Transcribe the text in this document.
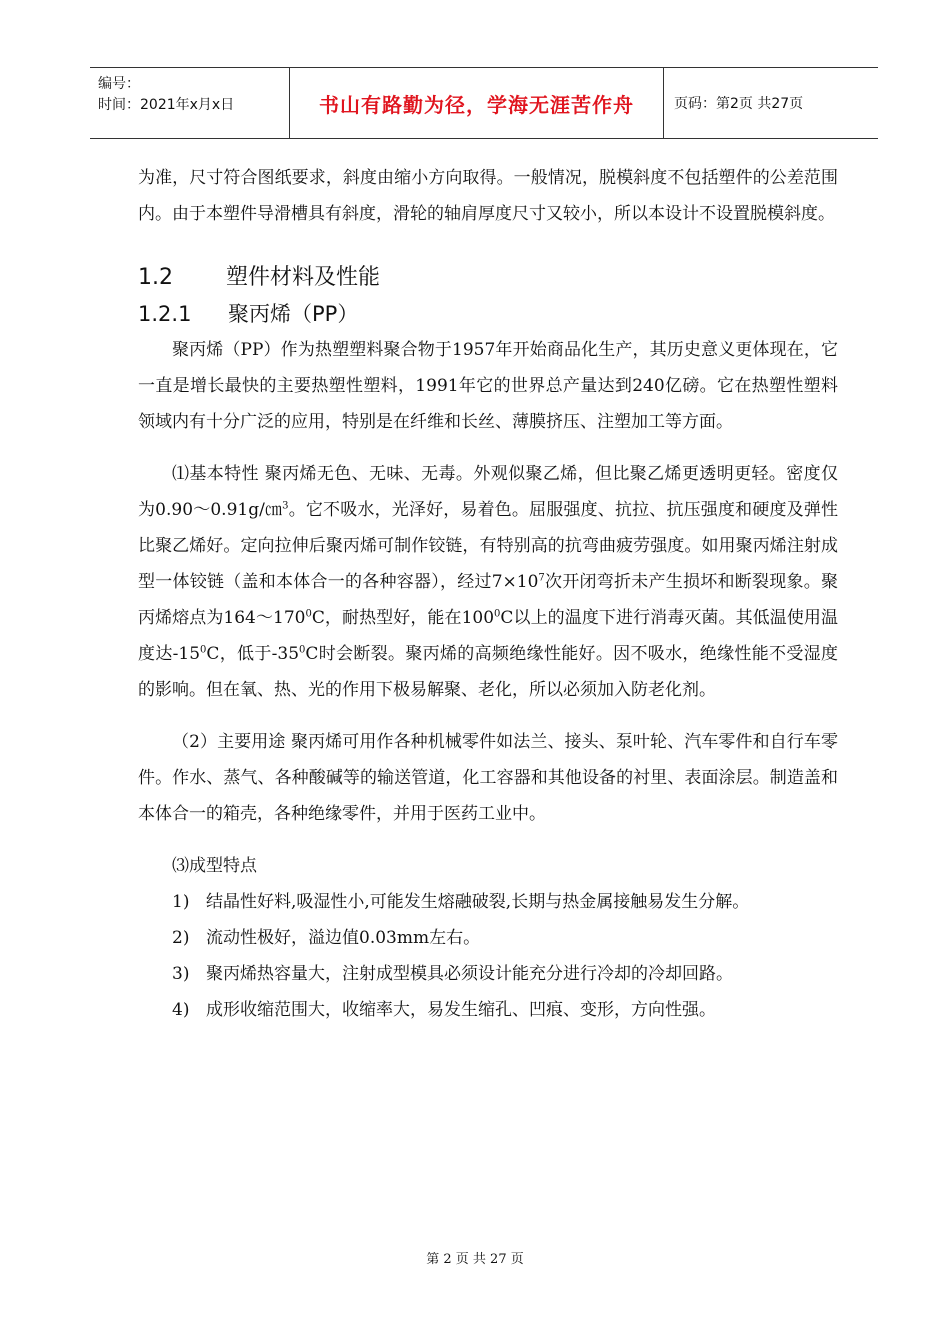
编号：
时间：2021年x月x日	书山有路勤为径，学海无涯苦作舟	页码：第2页 共27页

为准，尺寸符合图纸要求，斜度由缩小方向取得。一般情况，脱模斜度不包括塑件的公差范围内。由于本塑件导滑槽具有斜度，滑轮的轴肩厚度尺寸又较小，所以本设计不设置脱模斜度。

1.2	塑件材料及性能
1.2.1	聚丙烯（PP）

聚丙烯（PP）作为热塑塑料聚合物于1957年开始商品化生产，其历史意义更体现在，它一直是增长最快的主要热塑性塑料，1991年它的世界总产量达到240亿磅。它在热塑性塑料领域内有十分广泛的应用，特别是在纤维和长丝、薄膜挤压、注塑加工等方面。

⑴基本特性 聚丙烯无色、无味、无毒。外观似聚乙烯，但比聚乙烯更透明更轻。密度仅为0.90～0.91g/㎝$^3$。它不吸水，光泽好，易着色。屈服强度、抗拉、抗压强度和硬度及弹性比聚乙烯好。定向拉伸后聚丙烯可制作铰链，有特别高的抗弯曲疲劳强度。如用聚丙烯注射成型一体铰链（盖和本体合一的各种容器），经过$7\times 10^7$次开闭弯折未产生损坏和断裂现象。聚丙烯熔点为$164\sim 170^0C$，耐热型好，能在$100^0C$以上的温度下进行消毒灭菌。其低温使用温度达$-15^0C$，低于$-35^0C$时会断裂。聚丙烯的高频绝缘性能好。因不吸水，绝缘性能不受湿度的影响。但在氧、热、光的作用下极易解聚、老化，所以必须加入防老化剂。

（2）主要用途 聚丙烯可用作各种机械零件如法兰、接头、泵叶轮、汽车零件和自行车零件。作水、蒸气、各种酸碱等的输送管道，化工容器和其他设备的衬里、表面涂层。制造盖和本体合一的箱壳，各种绝缘零件，并用于医药工业中。

⑶成型特点

1) 结晶性好料,吸湿性小,可能发生熔融破裂,长期与热金属接触易发生分解。

2) 流动性极好，溢边值0.03mm左右。

3) 聚丙烯热容量大，注射成型模具必须设计能充分进行冷却的冷却回路。

4) 成形收缩范围大，收缩率大，易发生缩孔、凹痕、变形，方向性强。

第 2 页 共 27 页
